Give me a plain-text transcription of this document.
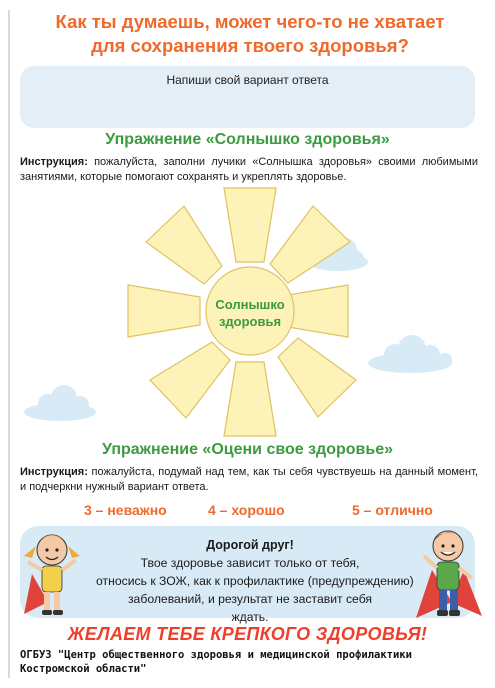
Как ты думаешь, может чего-то не хватает
для сохранения твоего здоровья?
Напиши свой вариант ответа
Упражнение «Солнышко здоровья»
Инструкция: пожалуйста, заполни лучики «Солнышка здоровья» своими любимыми занятиями, которые помогают сохранять и укреплять здоровье.
Солнышко
здоровья
Упражнение «Оцени свое здоровье»
Инструкция: пожалуйста, подумай над тем, как ты себя чувствуешь на данный момент, и подчеркни нужный вариант ответа.
3 – неважно	4 – хорошо	5 – отлично
Дорогой друг!
Твое здоровье зависит только от тебя,
относись к ЗОЖ, как к профилактике (предупреждению)
заболеваний, и результат не заставит себя ждать.
ЖЕЛАЕМ ТЕБЕ КРЕПКОГО ЗДОРОВЬЯ!
ОГБУЗ "Центр общественного здоровья и медицинской профилактики
Костромской области"
